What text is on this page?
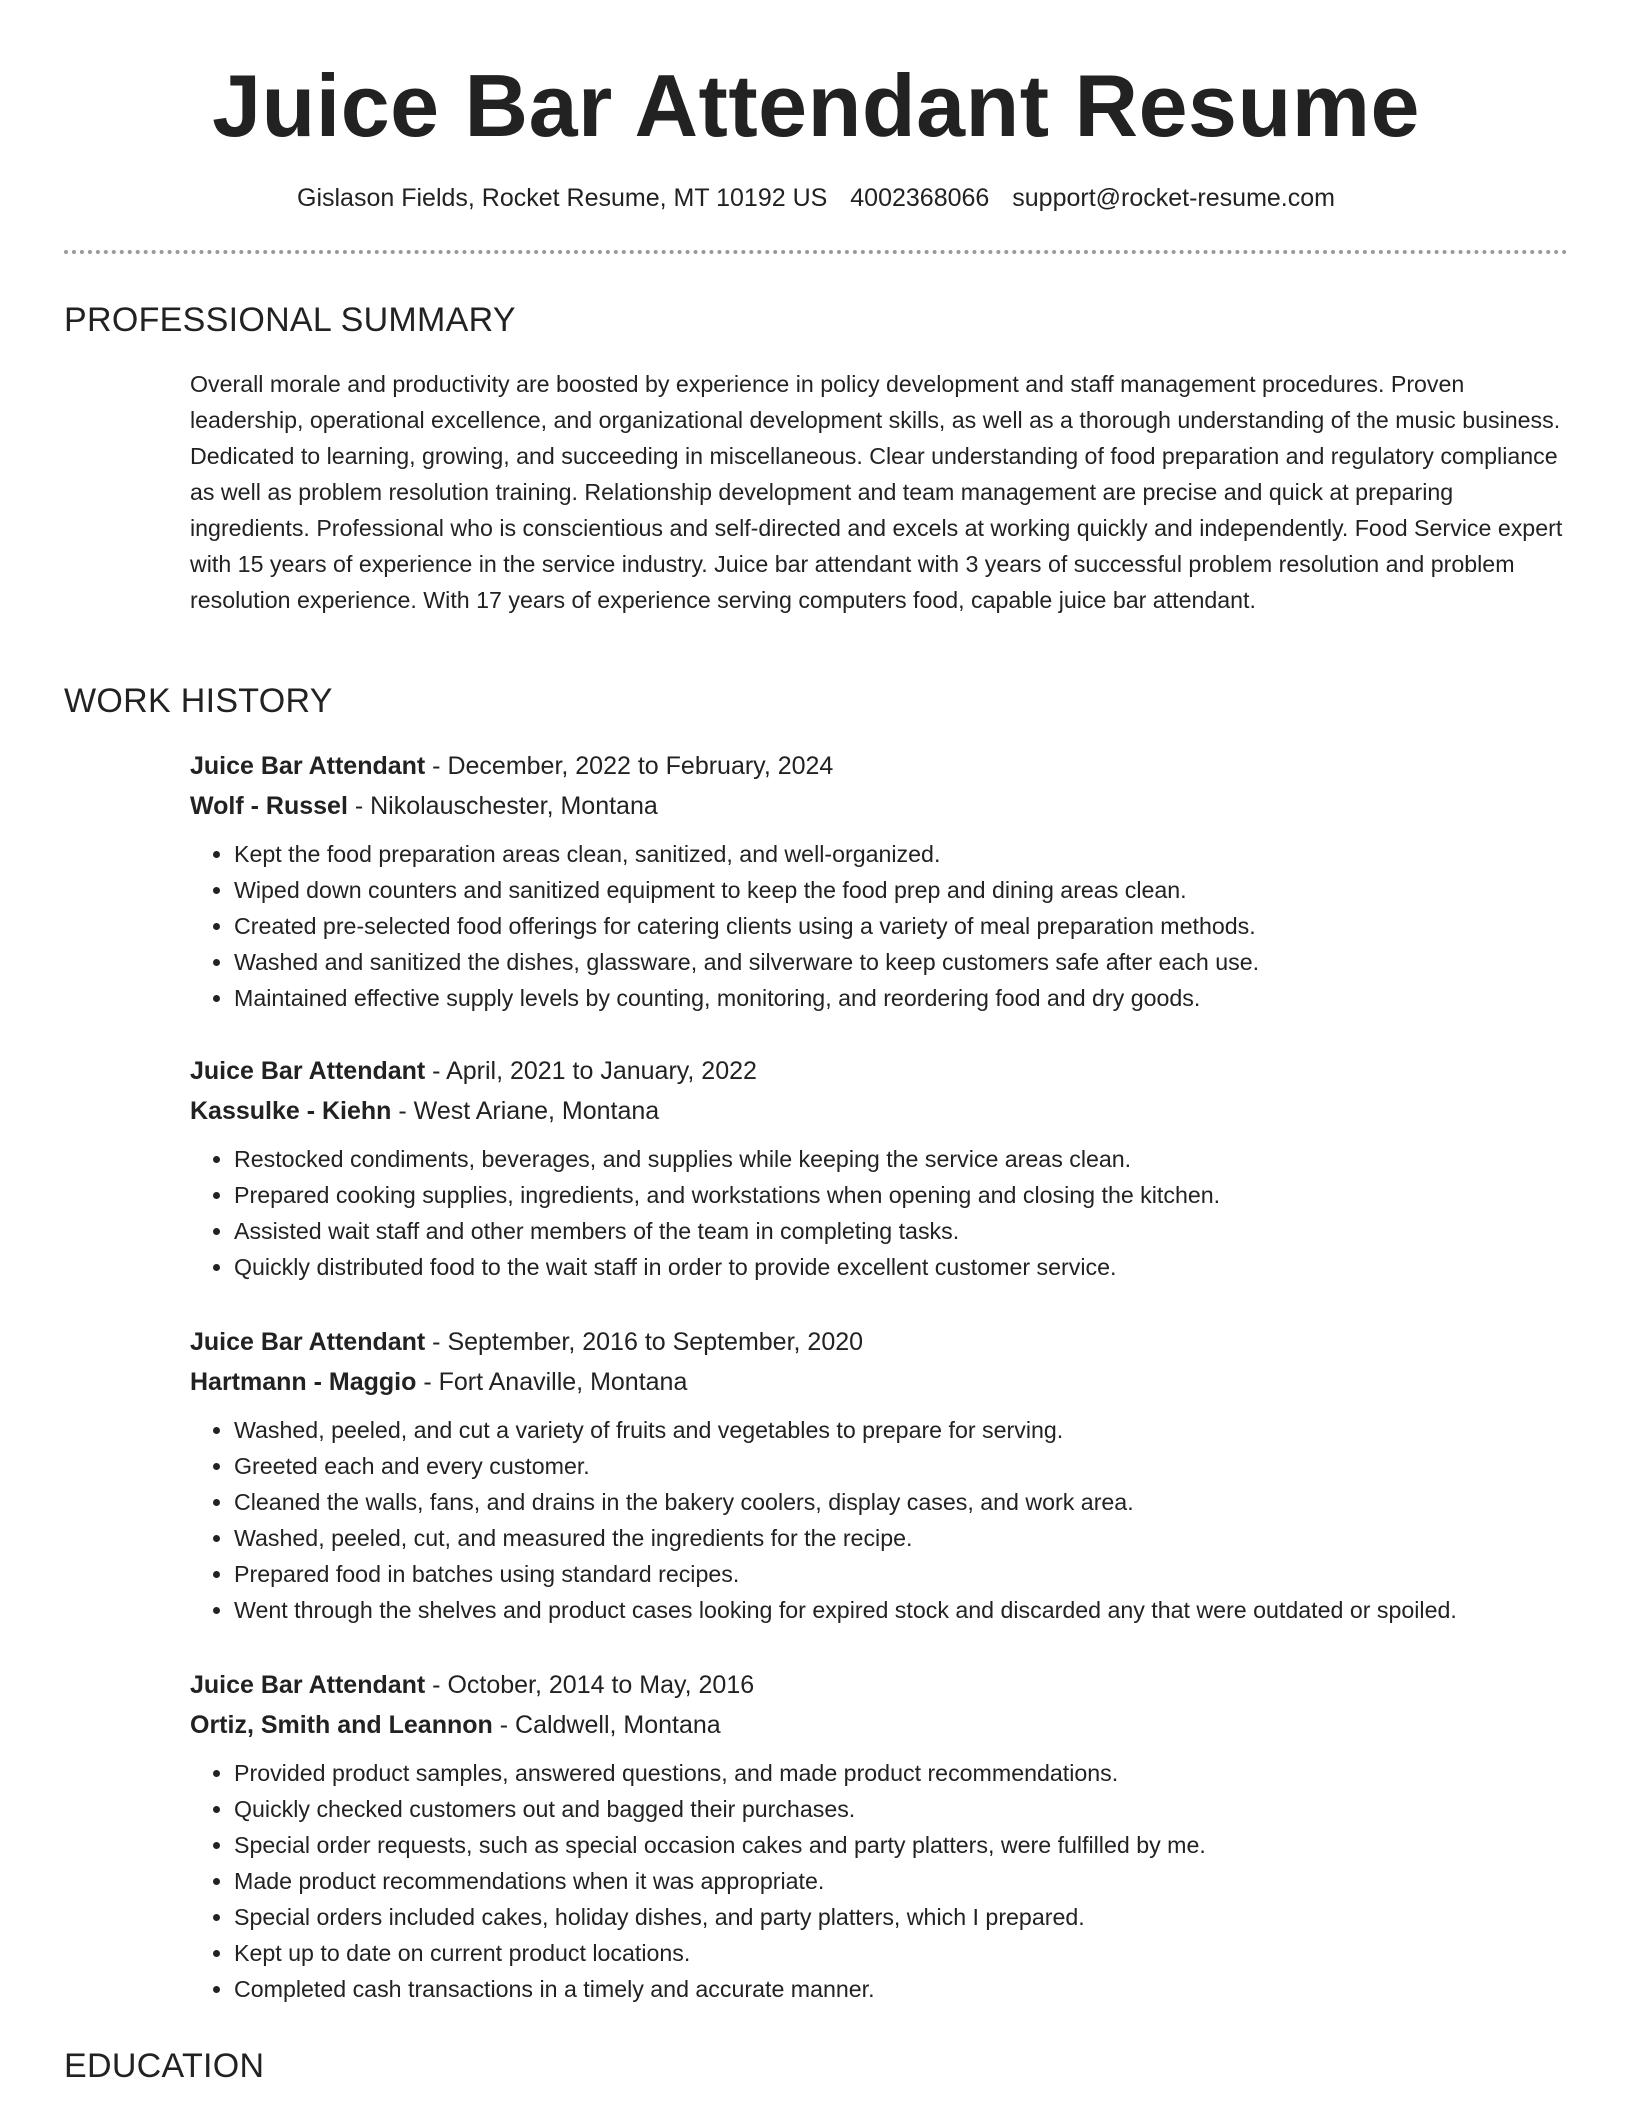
Juice Bar Attendant Resume
Gislason Fields, Rocket Resume, MT 10192 US 4002368066 support@rocket-resume.com
PROFESSIONAL SUMMARY

Overall morale and productivity are boosted by experience in policy development and staff management procedures. Proven leadership, operational excellence, and organizational development skills, as well as a thorough understanding of the music business. Dedicated to learning, growing, and succeeding in miscellaneous. Clear understanding of food preparation and regulatory compliance as well as problem resolution training. Relationship development and team management are precise and quick at preparing ingredients. Professional who is conscientious and self-directed and excels at working quickly and independently. Food Service expert with 15 years of experience in the service industry. Juice bar attendant with 3 years of successful problem resolution and problem resolution experience. With 17 years of experience serving computers food, capable juice bar attendant.

WORK HISTORY
Juice Bar Attendant - December, 2022 to February, 2024
Wolf - Russel - Nikolauschester, Montana
• Kept the food preparation areas clean, sanitized, and well-organized.
• Wiped down counters and sanitized equipment to keep the food prep and dining areas clean.
• Created pre-selected food offerings for catering clients using a variety of meal preparation methods.
• Washed and sanitized the dishes, glassware, and silverware to keep customers safe after each use.
• Maintained effective supply levels by counting, monitoring, and reordering food and dry goods.
Juice Bar Attendant - April, 2021 to January, 2022
Kassulke - Kiehn - West Ariane, Montana
• Restocked condiments, beverages, and supplies while keeping the service areas clean.
• Prepared cooking supplies, ingredients, and workstations when opening and closing the kitchen.
• Assisted wait staff and other members of the team in completing tasks.
• Quickly distributed food to the wait staff in order to provide excellent customer service.
Juice Bar Attendant - September, 2016 to September, 2020
Hartmann - Maggio - Fort Anaville, Montana
• Washed, peeled, and cut a variety of fruits and vegetables to prepare for serving.
• Greeted each and every customer.
• Cleaned the walls, fans, and drains in the bakery coolers, display cases, and work area.
• Washed, peeled, cut, and measured the ingredients for the recipe.
• Prepared food in batches using standard recipes.
• Went through the shelves and product cases looking for expired stock and discarded any that were outdated or spoiled.
Juice Bar Attendant - October, 2014 to May, 2016
Ortiz, Smith and Leannon - Caldwell, Montana
• Provided product samples, answered questions, and made product recommendations.
• Quickly checked customers out and bagged their purchases.
• Special order requests, such as special occasion cakes and party platters, were fulfilled by me.
• Made product recommendations when it was appropriate.
• Special orders included cakes, holiday dishes, and party platters, which I prepared.
• Kept up to date on current product locations.
• Completed cash transactions in a timely and accurate manner.
EDUCATION
